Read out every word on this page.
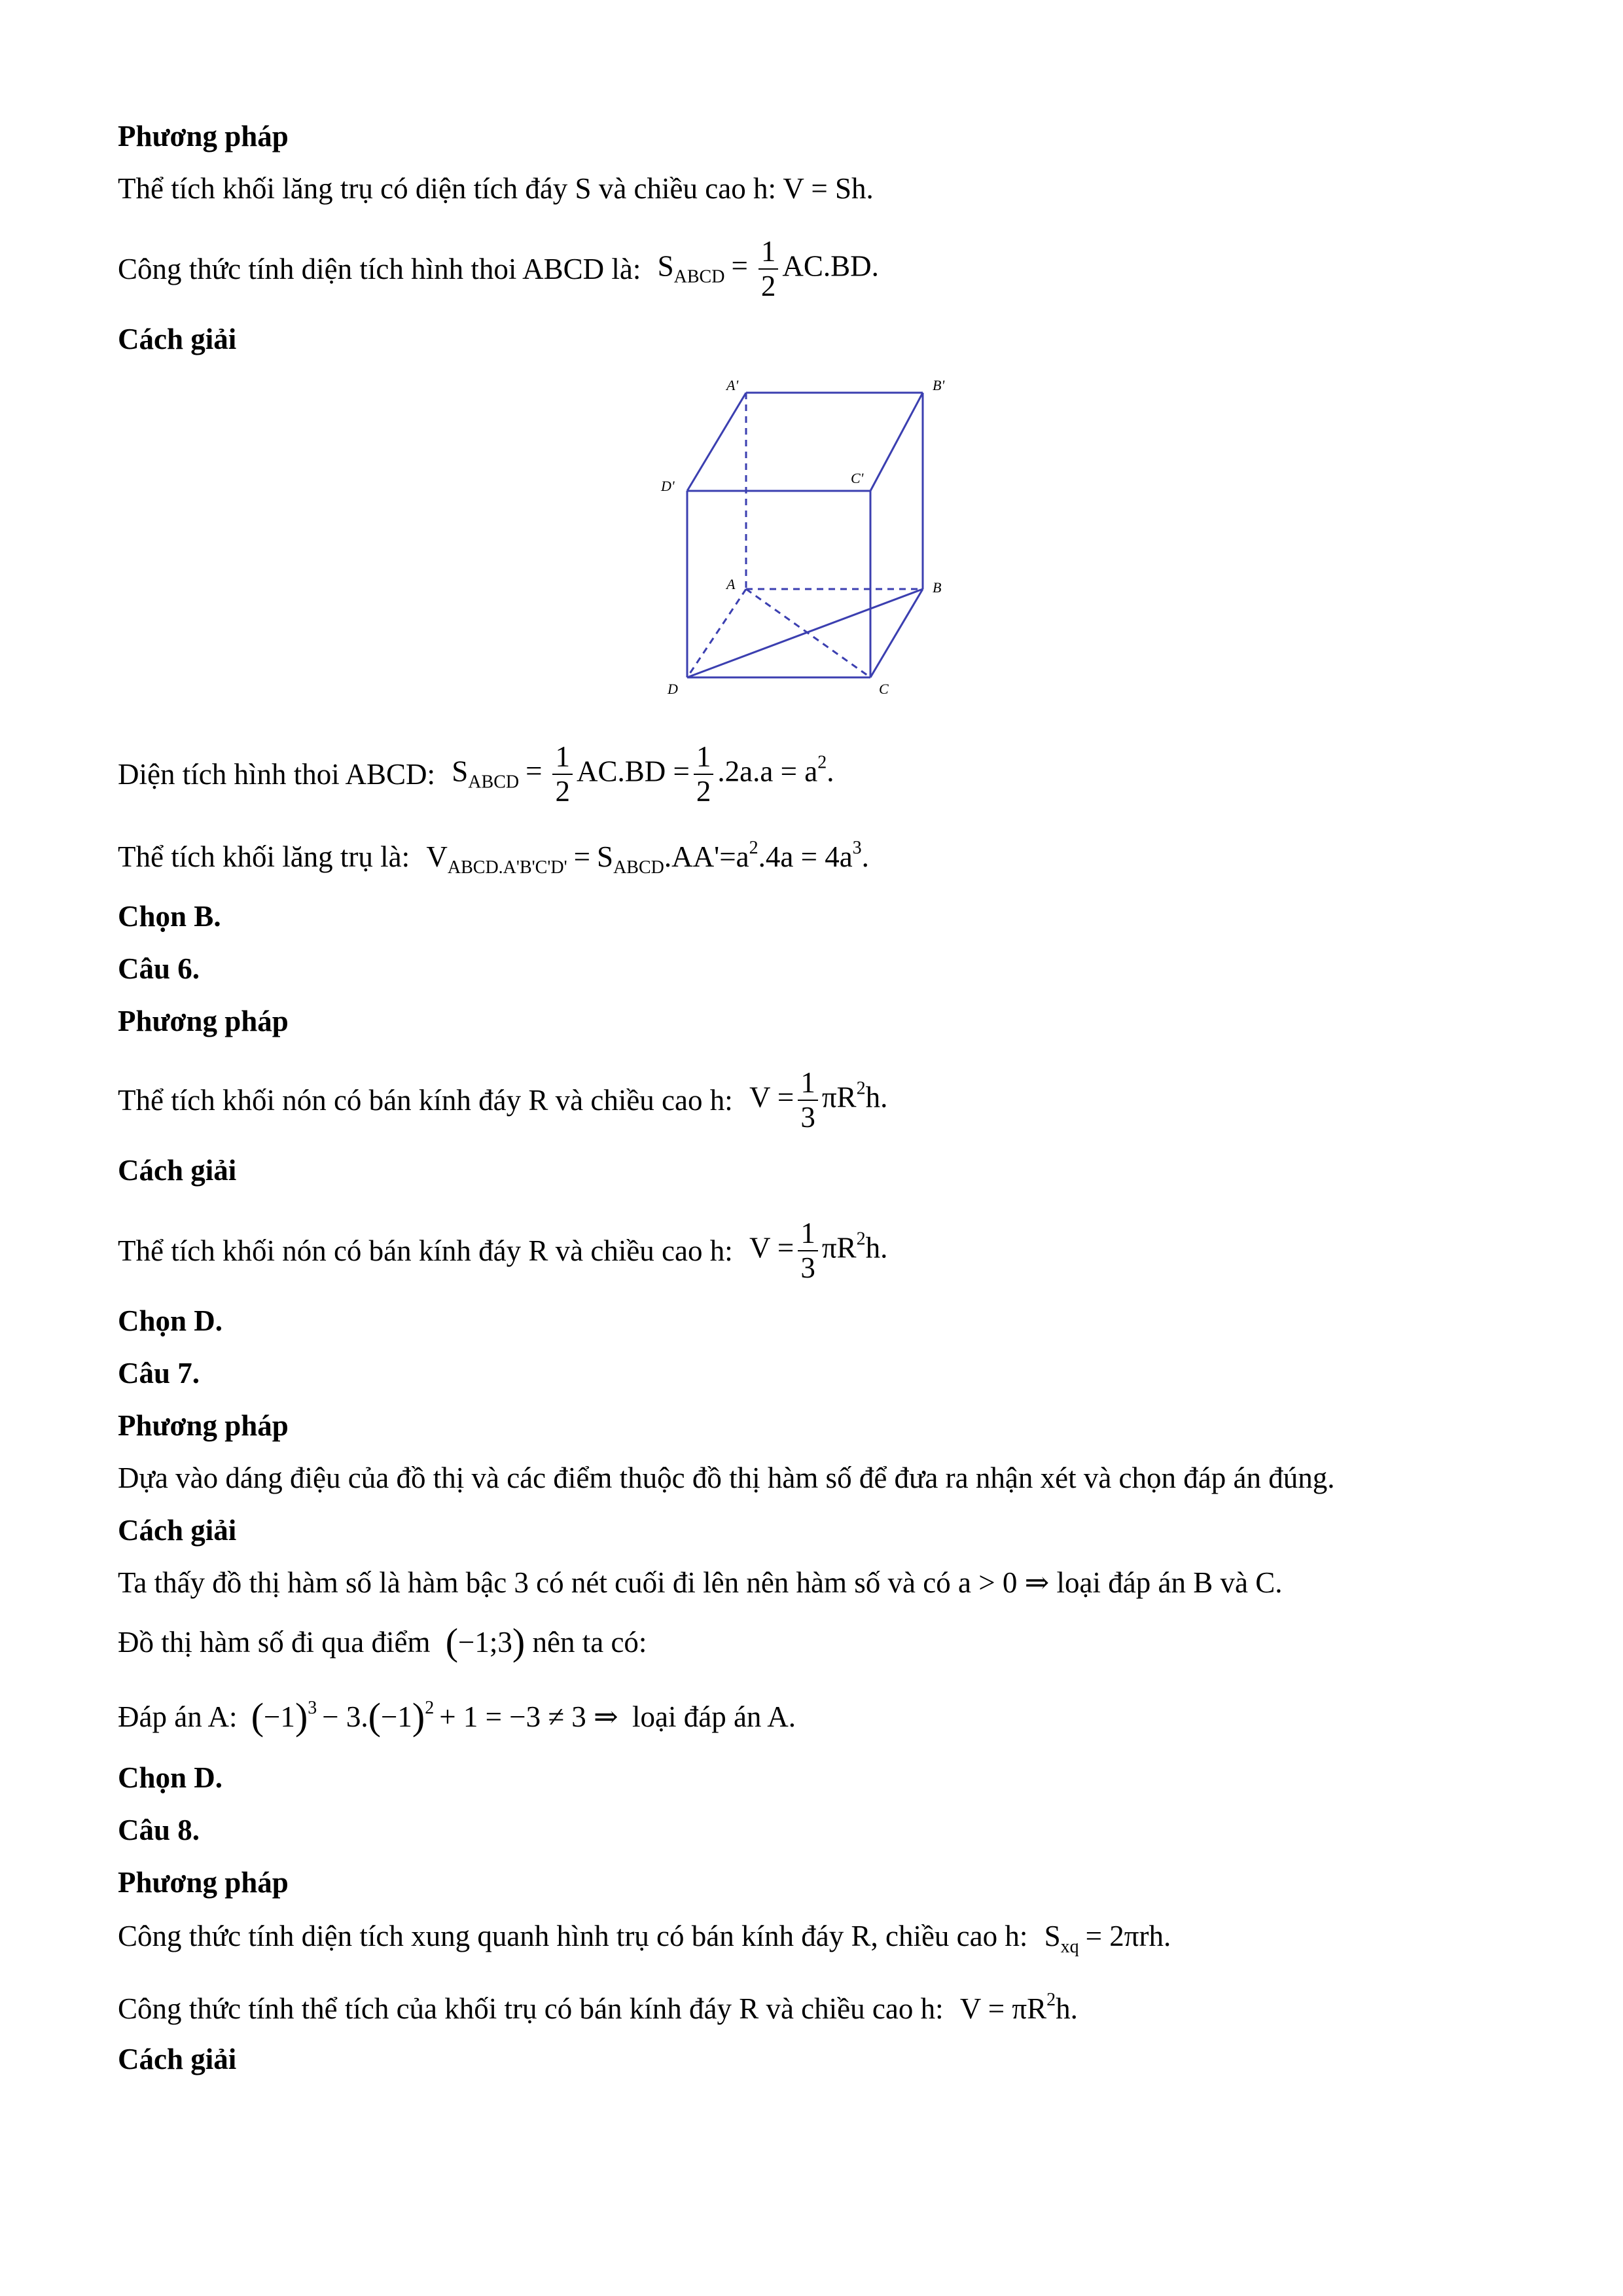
Phương pháp
Thể tích khối lăng trụ có diện tích đáy S và chiều cao h: V = Sh.
Công thức tính diện tích hình thoi ABCD là: $S_{ABCD} = \frac{1}{2} AC.BD$.
Cách giải
A'	B'
C'
D'
A	B
C
D
Diện tích hình thoi ABCD: $S_{ABCD} = \frac{1}{2} AC.BD = \frac{1}{2} .2a.a = a^2$.
Thể tích khối lăng trụ là: $V_{ABCD.A'B'C'D'} = S_{ABCD}.AA'=a^2.4a = 4a^3$.
Chọn B.
Câu 6.
Phương pháp
Thể tích khối nón có bán kính đáy R và chiều cao h: $V = \frac{1}{3} \pi R^2h$.
Cách giải
Thể tích khối nón có bán kính đáy R và chiều cao h: $V = \frac{1}{3} \pi R^2h$.
Chọn D.
Câu 7.
Phương pháp
Dựa vào dáng điệu của đồ thị và các điểm thuộc đồ thị hàm số để đưa ra nhận xét và chọn đáp án đúng.
Cách giải
Ta thấy đồ thị hàm số là hàm bậc 3 có nét cuối đi lên nên hàm số và có a > 0 ⇒ loại đáp án B và C.
Đồ thị hàm số đi qua điểm (−1;3) nên ta có:
Đáp án A: $(-1)^3 - 3.(-1)^2 + 1 = -3 \ne 3$ ⇒ loại đáp án A.
Chọn D.
Câu 8.
Phương pháp
Công thức tính diện tích xung quanh hình trụ có bán kính đáy R, chiều cao h: $S_{xq} = 2\pi rh$.
Công thức tính thể tích của khối trụ có bán kính đáy R và chiều cao h: $V = \pi R^2h$.
Cách giải
